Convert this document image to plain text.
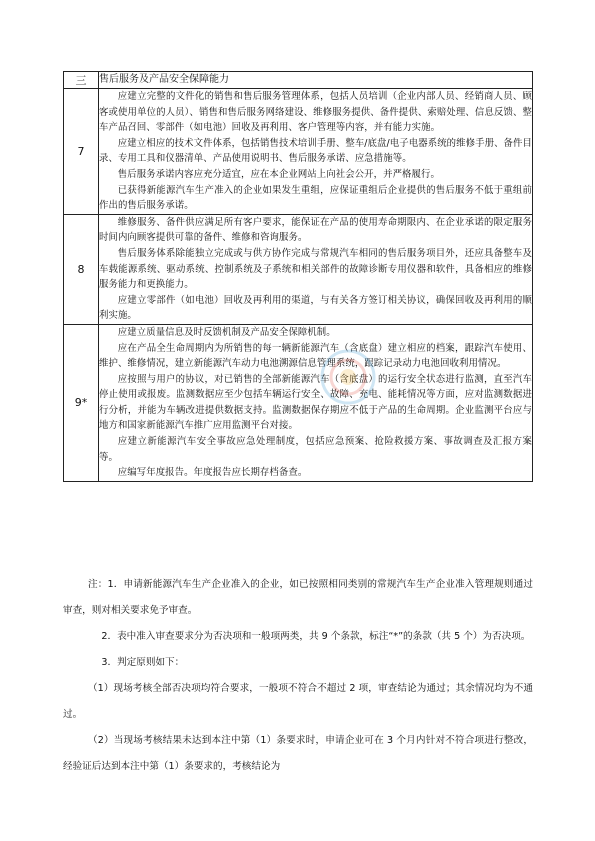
三	售后服务及产品安全保障能力
7	应建立完整的文件化的销售和售后服务管理体系，包括人员培训（企业内部人员、经销商人员、顾客或使用单位的人员）、销售和售后服务网络建设、维修服务提供、备件提供、索赔处理、信息反馈、整车产品召回、零部件（如电池）回收及再利用、客户管理等内容，并有能力实施。

应建立相应的技术文件体系，包括销售技术培训手册、整车/底盘/电子电器系统的维修手册、备件目录、专用工具和仪器清单、产品使用说明书、售后服务承诺、应急措施等。

售后服务承诺内容应充分适宜，应在本企业网站上向社会公开，并严格履行。

已获得新能源汽车生产准入的企业如果发生重组，应保证重组后企业提供的售后服务不低于重组前作出的售后服务承诺。

8	维修服务、备件供应满足所有客户要求，能保证在产品的使用寿命期限内、在企业承诺的限定服务时间内向顾客提供可靠的备件、维修和咨询服务。

售后服务体系除能独立完成或与供方协作完成与常规汽车相同的售后服务项目外，还应具备整车及车载能源系统、驱动系统、控制系统及子系统和相关部件的故障诊断专用仪器和软件，具备相应的维修服务能力和更换能力。

应建立零部件（如电池）回收及再利用的渠道，与有关各方签订相关协议，确保回收及再利用的顺利实施。

9*	应建立质量信息及时反馈机制及产品安全保障机制。

应在产品全生命周期内为所销售的每一辆新能源汽车（含底盘）建立相应的档案，跟踪汽车使用、维护、维修情况，建立新能源汽车动力电池溯源信息管理系统，跟踪记录动力电池回收利用情况。

应按照与用户的协议，对已销售的全部新能源汽车（含底盘）的运行安全状态进行监测，直至汽车停止使用或报废。监测数据应至少包括车辆运行安全、故障、充电、能耗情况等方面，应对监测数据进行分析，并能为车辆改进提供数据支持。监测数据保存期应不低于产品的生命周期。企业监测平台应与地方和国家新能源汽车推广应用监测平台对接。

应建立新能源汽车安全事故应急处理制度，包括应急预案、抢险救援方案、事故调查及汇报方案等。

应编写年度报告。年度报告应长期存档备查。

注：1．申请新能源汽车生产企业准入的企业，如已按照相同类别的常规汽车生产企业准入管理规则通过审查，则对相关要求免予审查。

2．表中准入审查要求分为否决项和一般项两类，共 9 个条款，标注“*”的条款（共 5 个）为否决项。

3．判定原则如下：

（1）现场考核全部否决项均符合要求，一般项不符合不超过 2 项，审查结论为通过；其余情况均为不通过。

（2）当现场考核结果未达到本注中第（1）条要求时，申请企业可在 3 个月内针对不符合项进行整改，经验证后达到本注中第（1）条要求的，考核结论为
